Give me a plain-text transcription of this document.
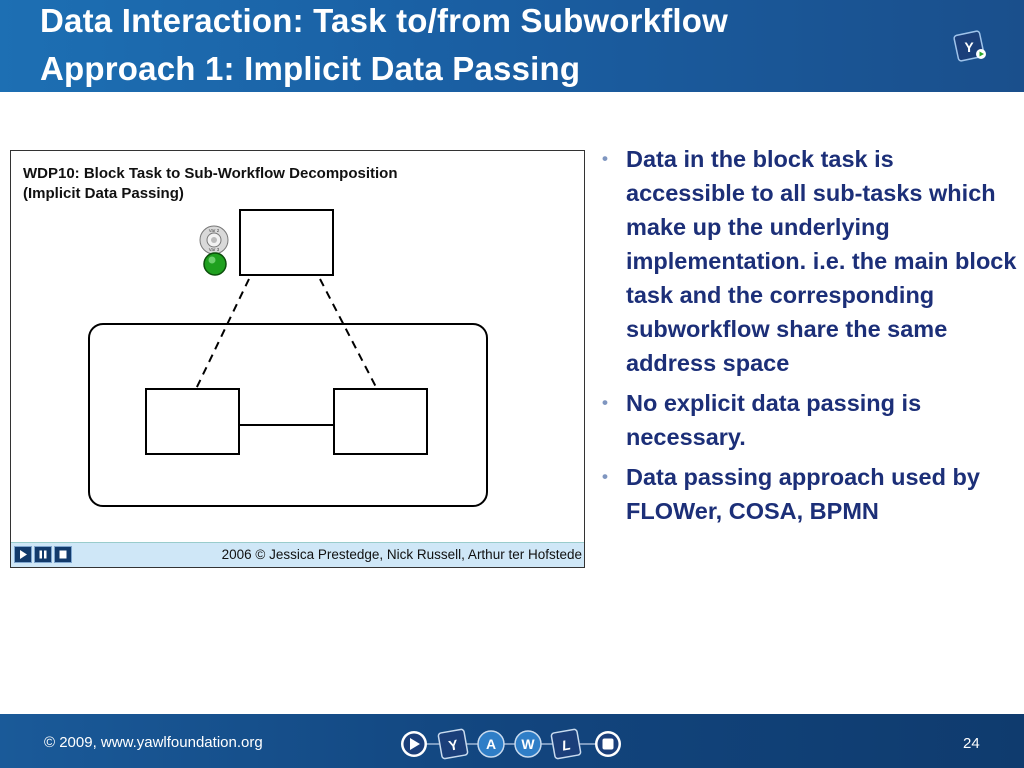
Data Interaction: Task to/from Subworkflow
Approach 1: Implicit Data Passing
Y
WDP10: Block Task to Sub-Workflow Decomposition
(Implicit Data Passing)
Var 2
Var 3
2006 © Jessica Prestedge, Nick Russell, Arthur ter Hofstede
• Data in the block task is accessible to all sub-tasks which make up the underlying implementation. i.e. the main block task and the corresponding subworkflow share the same address space
• No explicit data passing is necessary.
• Data passing approach used by FLOWer, COSA, BPMN
© 2009, www.yawlfoundation.org	Y A W L	24
